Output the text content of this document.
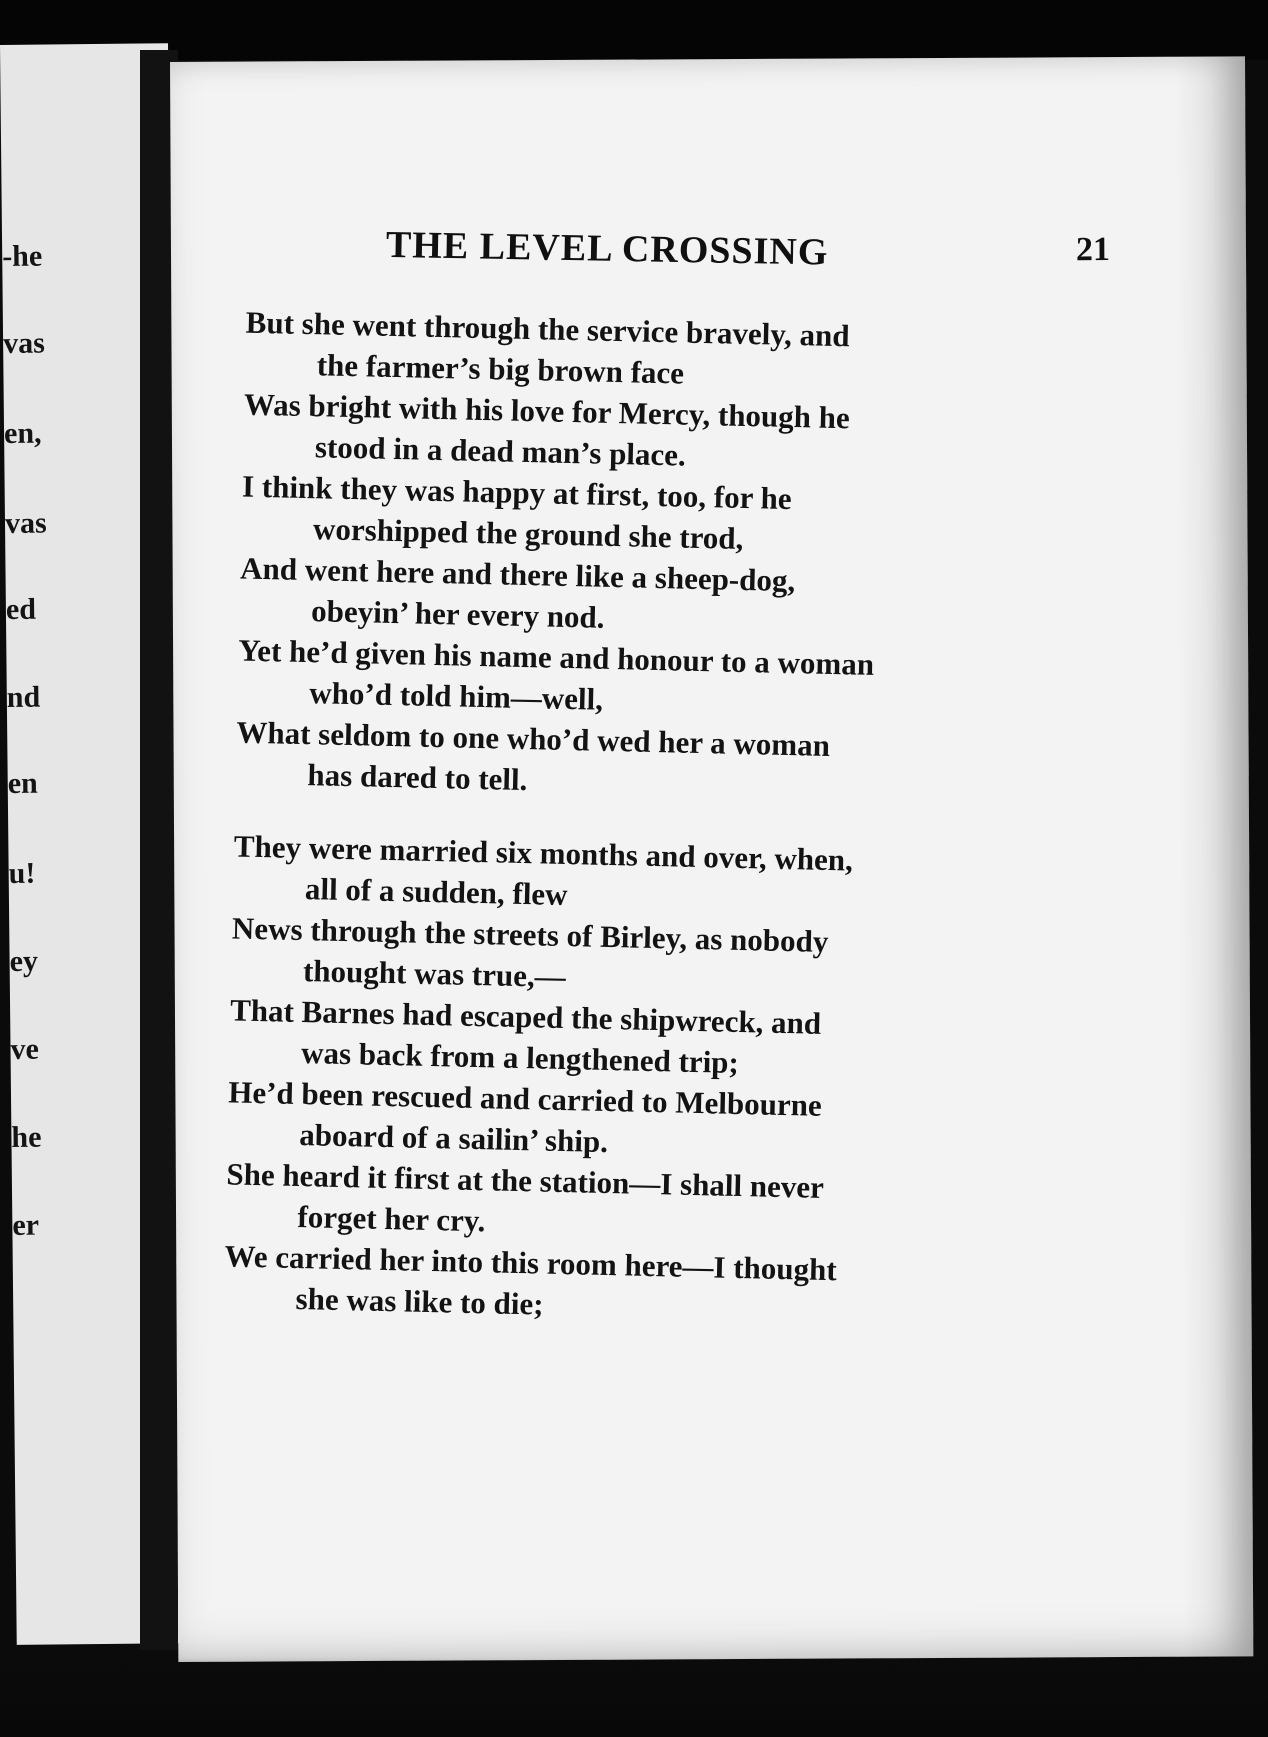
-he
vas
en,
vas
ed
nd
en
u!
ey
ve
he
er
THE LEVEL CROSSING	21
But she went through the service bravely, and
the farmer’s big brown face
Was bright with his love for Mercy, though he
stood in a dead man’s place.
I think they was happy at first, too, for he
worshipped the ground she trod,
And went here and there like a sheep-dog,
obeyin’ her every nod.
Yet he’d given his name and honour to a woman
who’d told him—well,
What seldom to one who’d wed her a woman
has dared to tell.
They were married six months and over, when,
all of a sudden, flew
News through the streets of Birley, as nobody
thought was true,—
That Barnes had escaped the shipwreck, and
was back from a lengthened trip;
He’d been rescued and carried to Melbourne
aboard of a sailin’ ship.
She heard it first at the station—I shall never
forget her cry.
We carried her into this room here—I thought
she was like to die;
